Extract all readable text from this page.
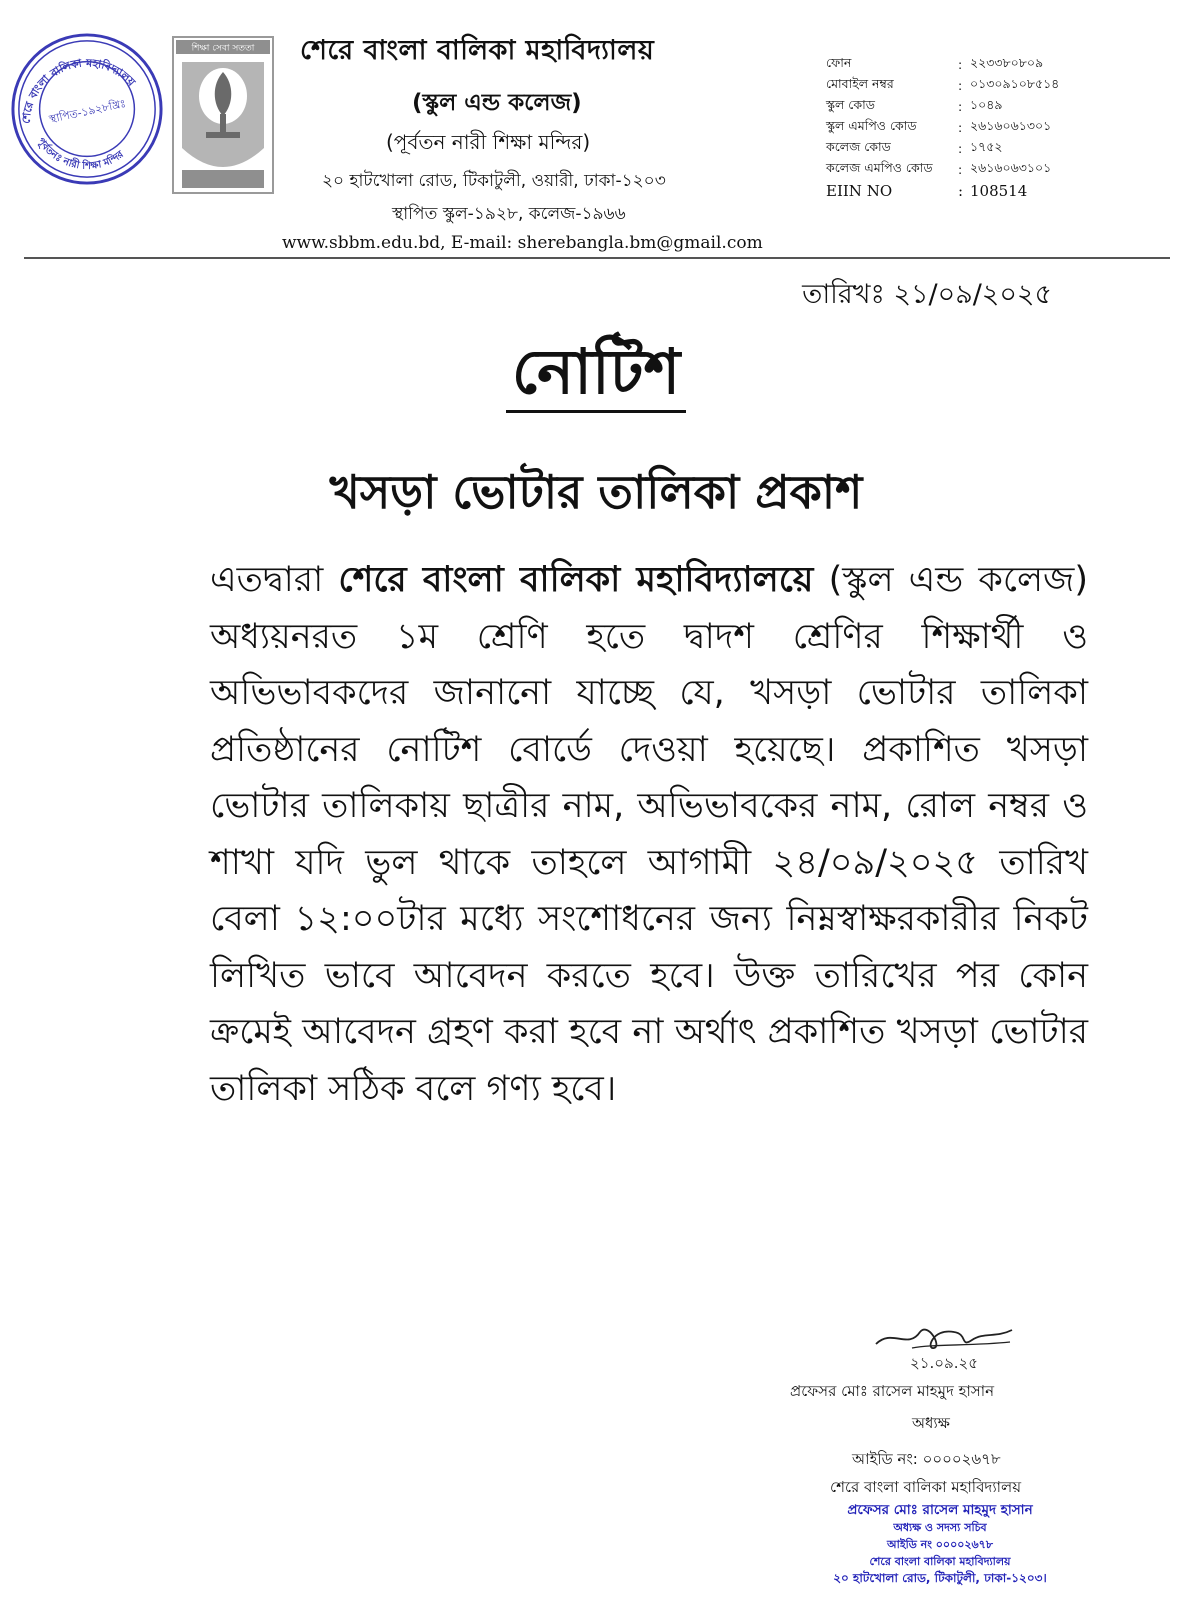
শেরে বাংলা বালিকা মহাবিদ্যালয়
পূর্বতনঃ নারী শিক্ষা মন্দির
স্থাপিত-১৯২৮খ্রিঃ
শিক্ষা সেবা সততা শেরে বাংলা বালিকা মহাবিদ্যালয়
(স্কুল এন্ড কলেজ)
(পূর্বতন নারী শিক্ষা মন্দির)
২০ হাটখোলা রোড, টিকাটুলী, ওয়ারী, ঢাকা-১২০৩
স্থাপিত স্কুল-১৯২৮, কলেজ-১৯৬৬
www.sbbm.edu.bd, E-mail: sherebangla.bm@gmail.com
ফোন	: ২২৩৩৮০৮০৯
মোবাইল নম্বর	: ০১৩০৯১০৮৫১৪
স্কুল কোড	: ১০৪৯
স্কুল এমপিও কোড	: ২৬১৬০৬১৩০১
কলেজ কোড	: ১৭৫২
কলেজ এমপিও কোড	: ২৬১৬০৬৩১০১
EIIN NO	: 108514
তারিখঃ ২১/০৯/২০২৫
নোটিশ
খসড়া ভোটার তালিকা প্রকাশ
এতদ্বারা শেরে বাংলা বালিকা মহাবিদ্যালয়ে (স্কুল এন্ড কলেজ) অধ্যয়নরত ১ম শ্রেণি হতে দ্বাদশ শ্রেণির শিক্ষার্থী ও অভিভাবকদের জানানো যাচ্ছে যে, খসড়া ভোটার তালিকা প্রতিষ্ঠানের নোটিশ বোর্ডে দেওয়া হয়েছে। প্রকাশিত খসড়া ভোটার তালিকায় ছাত্রীর নাম, অভিভাবকের নাম, রোল নম্বর ও শাখা যদি ভুল থাকে তাহলে আগামী ২৪/০৯/২০২৫ তারিখ বেলা ১২:০০টার মধ্যে সংশোধনের জন্য নিম্নস্বাক্ষরকারীর নিকট লিখিত ভাবে আবেদন করতে হবে। উক্ত তারিখের পর কোন ক্রমেই আবেদন গ্রহণ করা হবে না অর্থাৎ প্রকাশিত খসড়া ভোটার তালিকা সঠিক বলে গণ্য হবে।
২১.০৯.২৫
প্রফেসর মোঃ রাসেল মাহমুদ হাসান
অধ্যক্ষ
আইডি নং: ০০০০২৬৭৮
শেরে বাংলা বালিকা মহাবিদ্যালয়
প্রফেসর মোঃ রাসেল মাহমুদ হাসান
অধ্যক্ষ ও সদস্য সচিব
আইডি নং ০০০০২৬৭৮
শেরে বাংলা বালিকা মহাবিদ্যালয়
২০ হাটখোলা রোড, টিকাটুলী, ঢাকা-১২০৩।
